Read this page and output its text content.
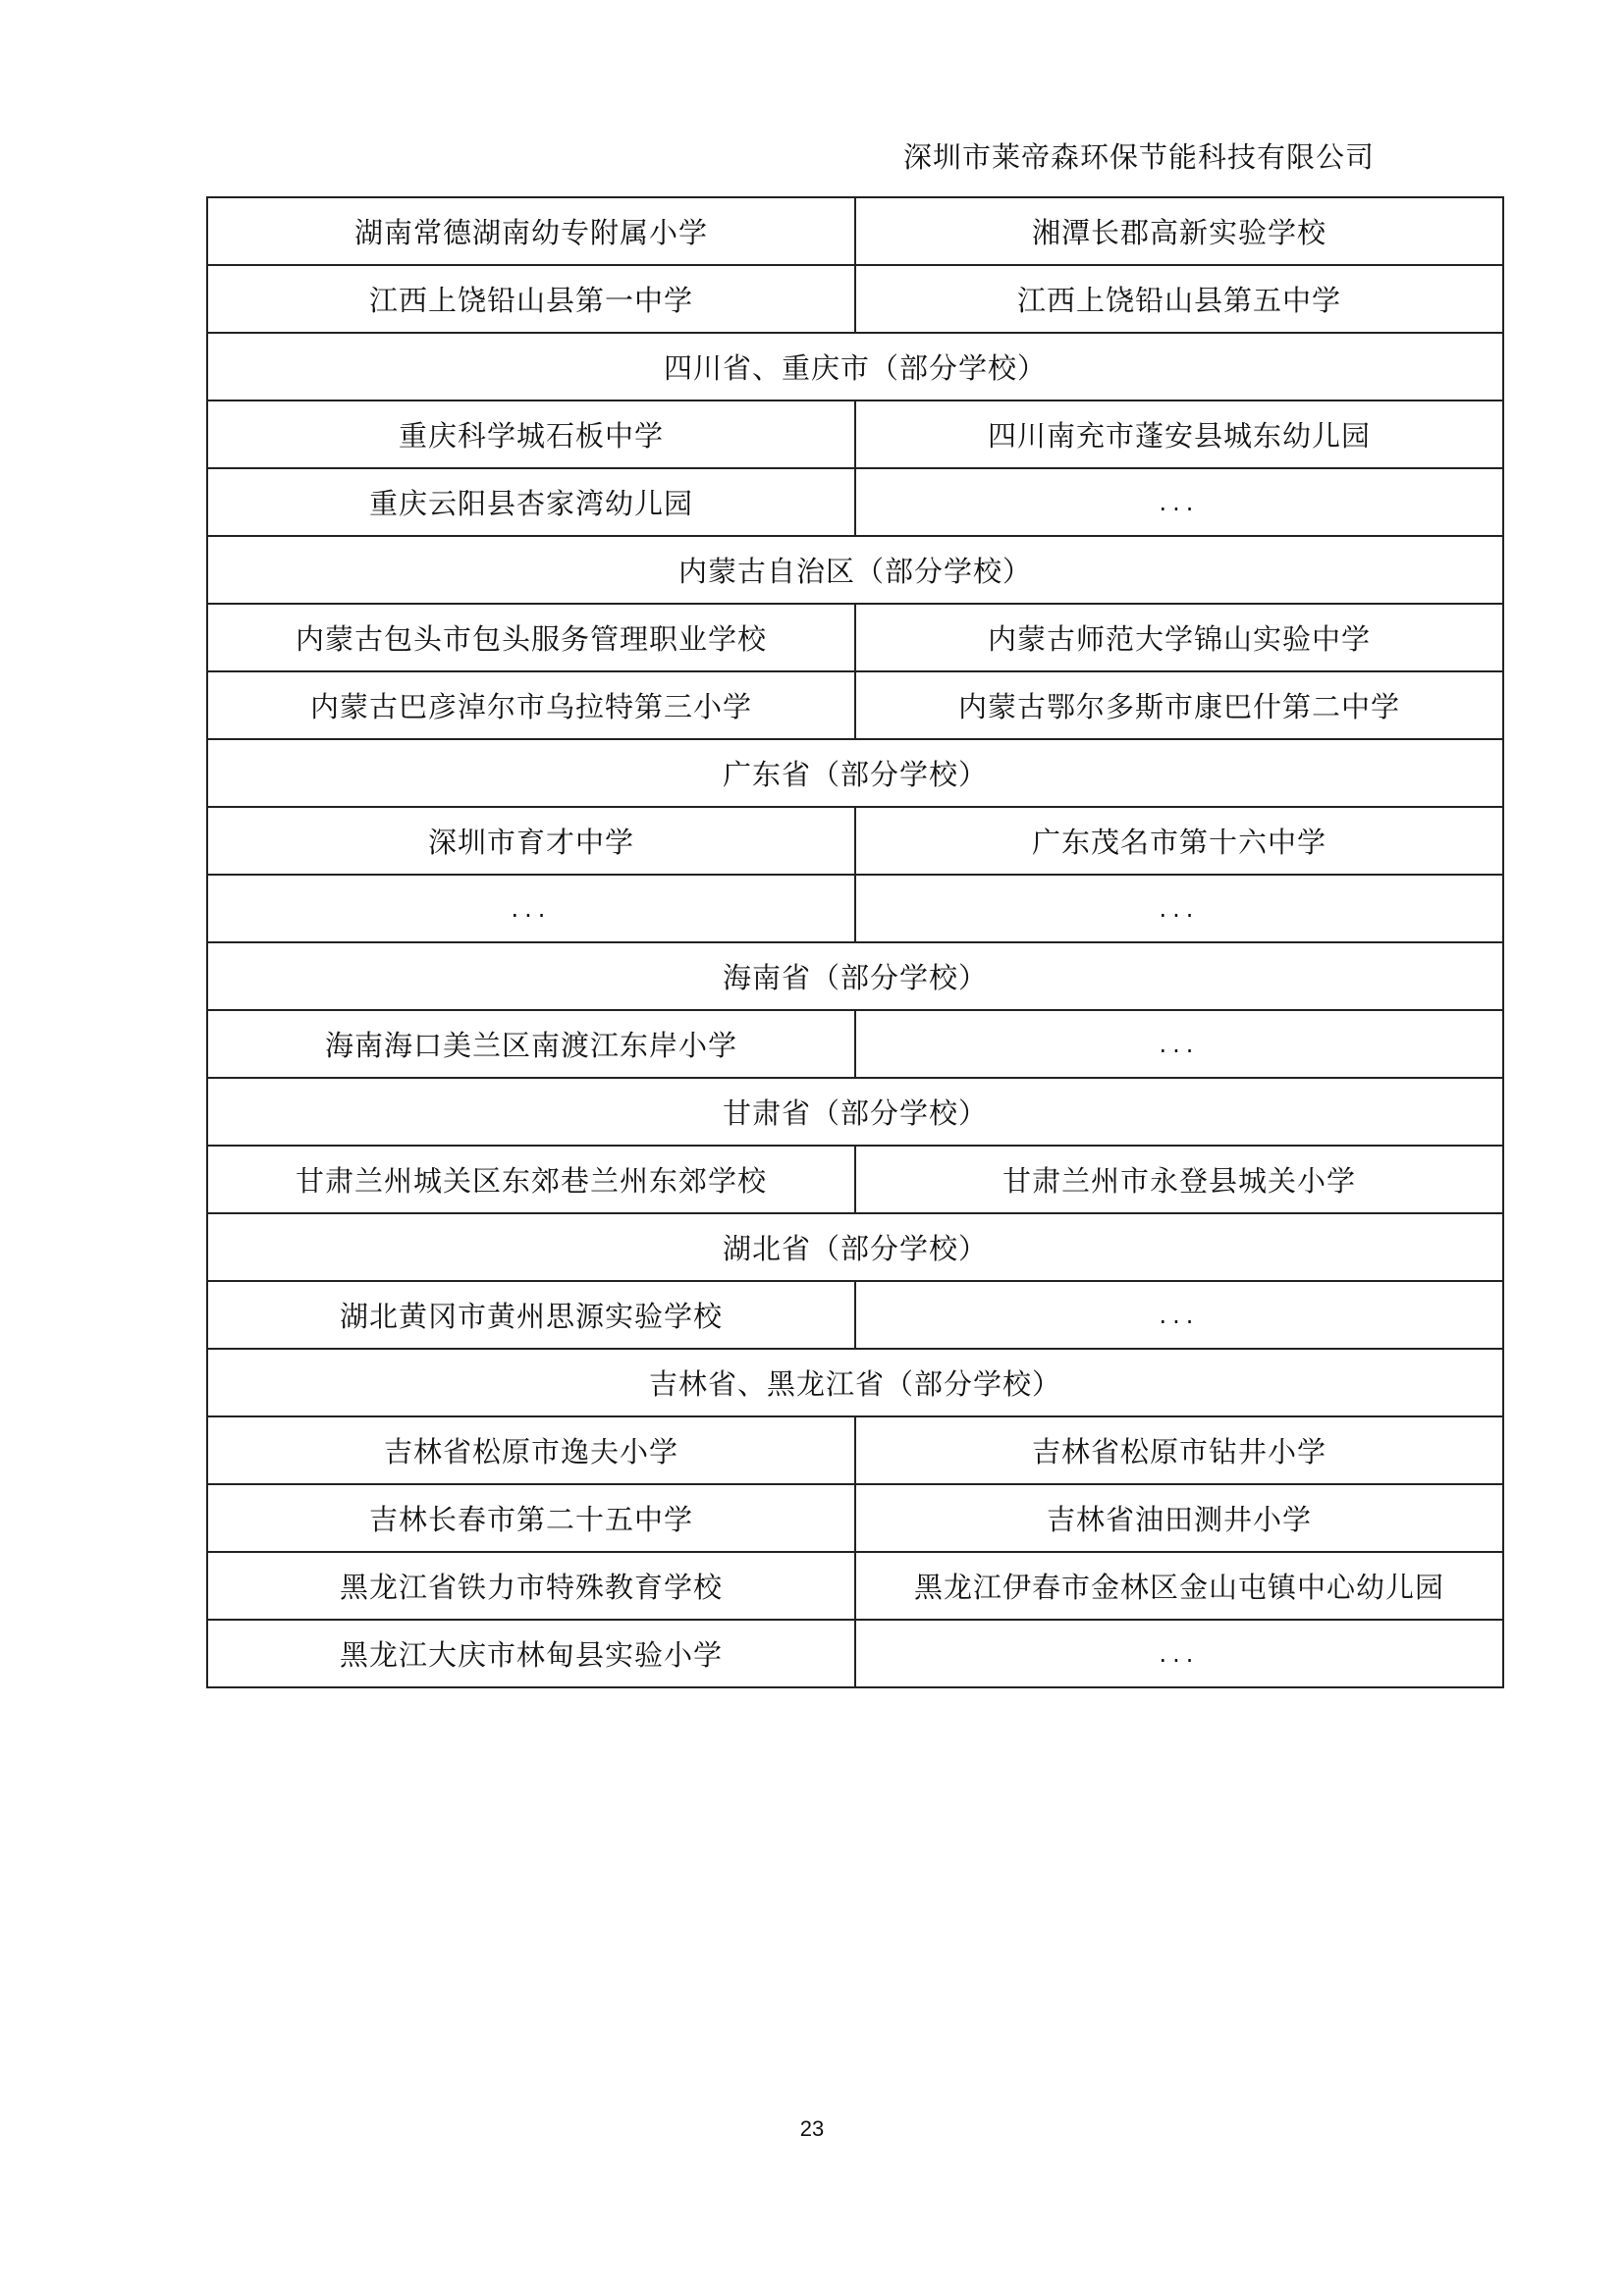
深圳市莱帝森环保节能科技有限公司
湖南常德湖南幼专附属小学	湘潭长郡高新实验学校
江西上饶铅山县第一中学	江西上饶铅山县第五中学
四川省、重庆市（部分学校）	
重庆科学城石板中学	四川南充市蓬安县城东幼儿园
重庆云阳县杏家湾幼儿园	...
内蒙古自治区（部分学校）	
内蒙古包头市包头服务管理职业学校	内蒙古师范大学锦山实验中学
内蒙古巴彦淖尔市乌拉特第三小学	内蒙古鄂尔多斯市康巴什第二中学
广东省（部分学校）	
深圳市育才中学	广东茂名市第十六中学
...	...
海南省（部分学校）	
海南海口美兰区南渡江东岸小学	...
甘肃省（部分学校）	
甘肃兰州城关区东郊巷兰州东郊学校	甘肃兰州市永登县城关小学
湖北省（部分学校）	
湖北黄冈市黄州思源实验学校	...
吉林省、黑龙江省（部分学校）	
吉林省松原市逸夫小学	吉林省松原市钻井小学
吉林长春市第二十五中学	吉林省油田测井小学
黑龙江省铁力市特殊教育学校	黑龙江伊春市金林区金山屯镇中心幼儿园
黑龙江大庆市林甸县实验小学	...
23
